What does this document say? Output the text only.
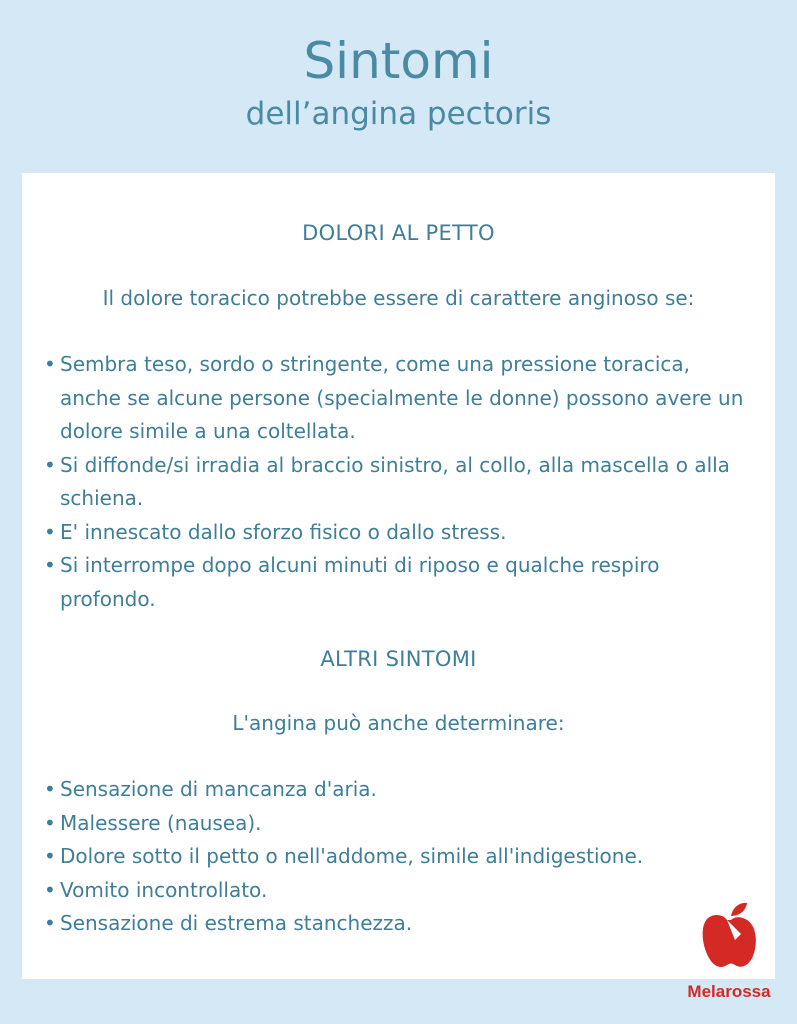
Sintomi
dell’angina pectoris
DOLORI AL PETTO
Il dolore toracico potrebbe essere di carattere anginoso se:
• Sembra teso, sordo o stringente, come una pressione toracica, anche se alcune persone (specialmente le donne) possono avere un dolore simile a una coltellata.
• Si diffonde/si irradia al braccio sinistro, al collo, alla mascella o alla schiena.
• E' innescato dallo sforzo fisico o dallo stress.
• Si interrompe dopo alcuni minuti di riposo e qualche respiro profondo.
ALTRI SINTOMI
L'angina può anche determinare:
• Sensazione di mancanza d'aria.
• Malessere (nausea).
• Dolore sotto il petto o nell'addome, simile all'indigestione.
• Vomito incontrollato.
• Sensazione di estrema stanchezza.
Melarossa
